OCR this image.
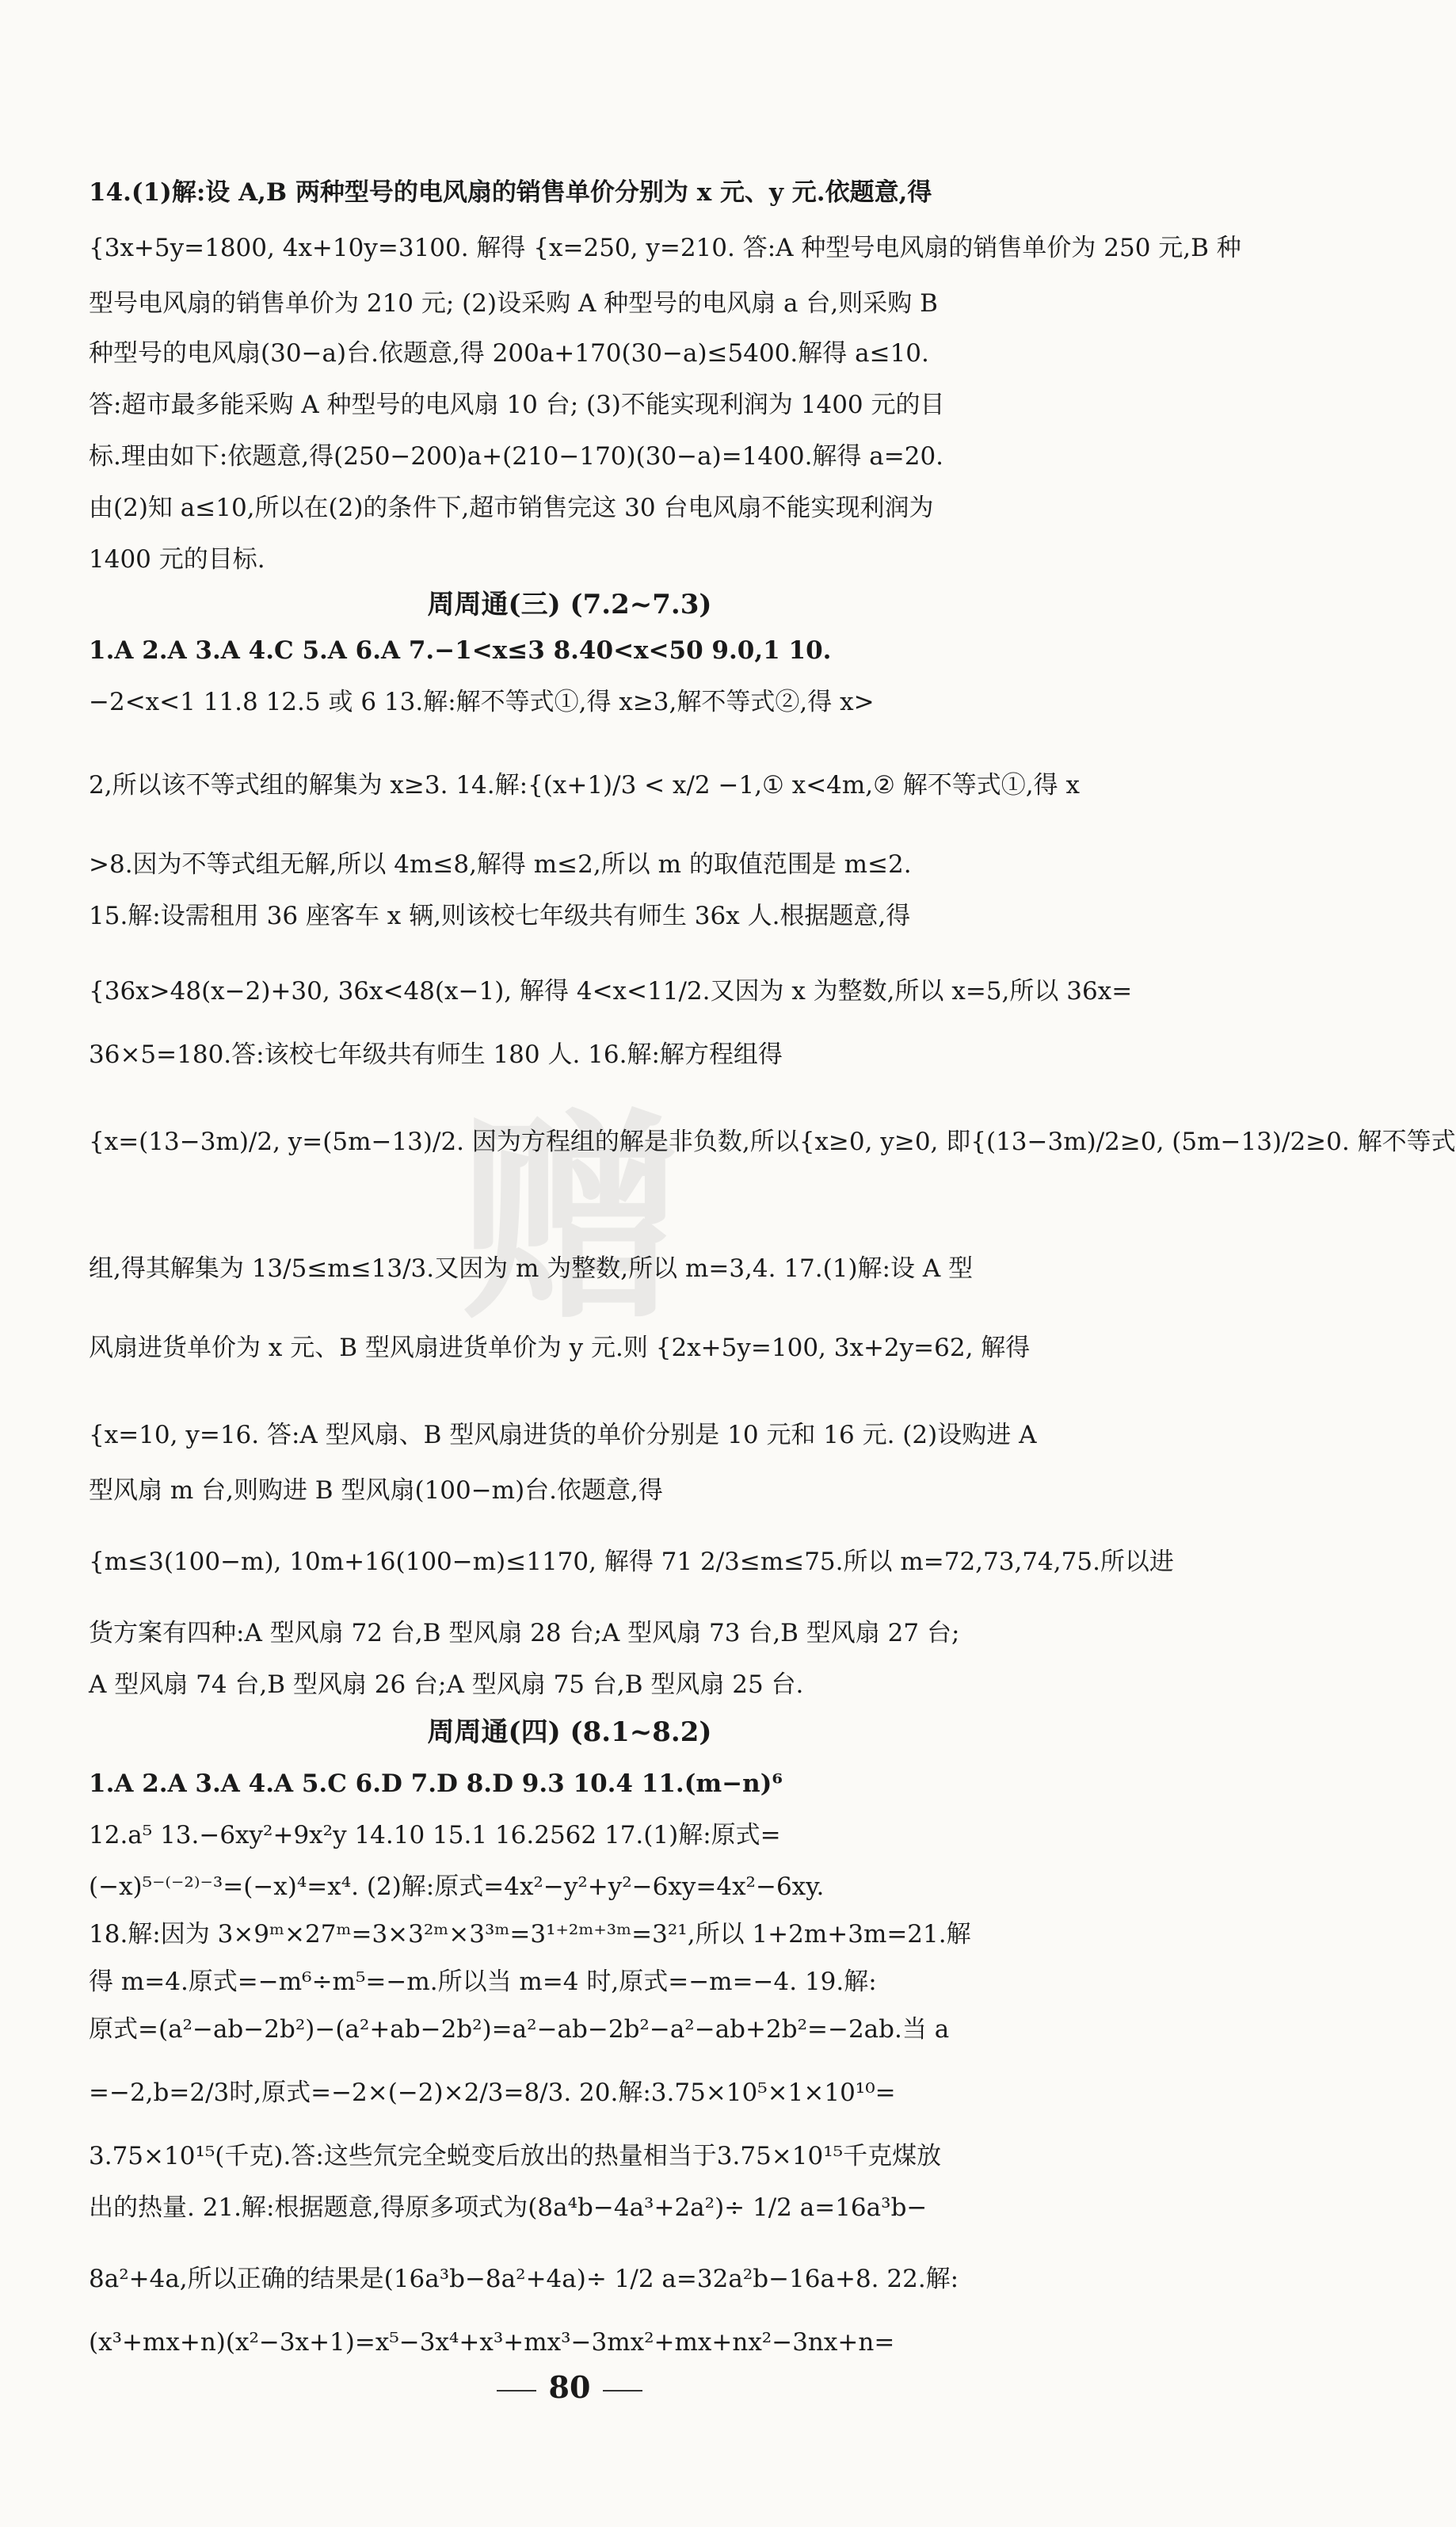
赠
14.(1)解:设 A,B 两种型号的电风扇的销售单价分别为 x 元、y 元.依题意,得
{3x+5y=1800, 4x+10y=3100. 解得 {x=250, y=210. 答:A 种型号电风扇的销售单价为 250 元,B 种
型号电风扇的销售单价为 210 元; (2)设采购 A 种型号的电风扇 a 台,则采购 B
种型号的电风扇(30−a)台.依题意,得 200a+170(30−a)≤5400.解得 a≤10.
答:超市最多能采购 A 种型号的电风扇 10 台; (3)不能实现利润为 1400 元的目
标.理由如下:依题意,得(250−200)a+(210−170)(30−a)=1400.解得 a=20.
由(2)知 a≤10,所以在(2)的条件下,超市销售完这 30 台电风扇不能实现利润为
1400 元的目标.
周周通(三) (7.2~7.3)
1.A 2.A 3.A 4.C 5.A 6.A 7.−1<x≤3 8.40<x<50 9.0,1 10.
−2<x<1 11.8 12.5 或 6 13.解:解不等式①,得 x≥3,解不等式②,得 x>
2,所以该不等式组的解集为 x≥3. 14.解:{(x+1)/3 < x/2 −1,① x<4m,② 解不等式①,得 x
>8.因为不等式组无解,所以 4m≤8,解得 m≤2,所以 m 的取值范围是 m≤2.
15.解:设需租用 36 座客车 x 辆,则该校七年级共有师生 36x 人.根据题意,得
{36x>48(x−2)+30, 36x<48(x−1), 解得 4<x<11/2.又因为 x 为整数,所以 x=5,所以 36x=
36×5=180.答:该校七年级共有师生 180 人. 16.解:解方程组得
{x=(13−3m)/2, y=(5m−13)/2. 因为方程组的解是非负数,所以{x≥0, y≥0, 即{(13−3m)/2≥0, (5m−13)/2≥0. 解不等式
组,得其解集为 13/5≤m≤13/3.又因为 m 为整数,所以 m=3,4. 17.(1)解:设 A 型
风扇进货单价为 x 元、B 型风扇进货单价为 y 元.则 {2x+5y=100, 3x+2y=62, 解得
{x=10, y=16. 答:A 型风扇、B 型风扇进货的单价分别是 10 元和 16 元. (2)设购进 A
型风扇 m 台,则购进 B 型风扇(100−m)台.依题意,得
{m≤3(100−m), 10m+16(100−m)≤1170, 解得 71 2/3≤m≤75.所以 m=72,73,74,75.所以进
货方案有四种:A 型风扇 72 台,B 型风扇 28 台;A 型风扇 73 台,B 型风扇 27 台;
A 型风扇 74 台,B 型风扇 26 台;A 型风扇 75 台,B 型风扇 25 台.
周周通(四) (8.1~8.2)
1.A 2.A 3.A 4.A 5.C 6.D 7.D 8.D 9.3 10.4 11.(m−n)⁶
12.a⁵ 13.−6xy²+9x²y 14.10 15.1 16.2562 17.(1)解:原式=
(−x)⁵⁻⁽⁻²⁾⁻³=(−x)⁴=x⁴. (2)解:原式=4x²−y²+y²−6xy=4x²−6xy.
18.解:因为 3×9ᵐ×27ᵐ=3×3²ᵐ×3³ᵐ=3¹⁺²ᵐ⁺³ᵐ=3²¹,所以 1+2m+3m=21.解
得 m=4.原式=−m⁶÷m⁵=−m.所以当 m=4 时,原式=−m=−4. 19.解:
原式=(a²−ab−2b²)−(a²+ab−2b²)=a²−ab−2b²−a²−ab+2b²=−2ab.当 a
=−2,b=2/3时,原式=−2×(−2)×2/3=8/3. 20.解:3.75×10⁵×1×10¹⁰=
3.75×10¹⁵(千克).答:这些氘完全蜕变后放出的热量相当于3.75×10¹⁵千克煤放
出的热量. 21.解:根据题意,得原多项式为(8a⁴b−4a³+2a²)÷ 1/2 a=16a³b−
8a²+4a,所以正确的结果是(16a³b−8a²+4a)÷ 1/2 a=32a²b−16a+8. 22.解:
(x³+mx+n)(x²−3x+1)=x⁵−3x⁴+x³+mx³−3mx²+mx+nx²−3nx+n=
80
